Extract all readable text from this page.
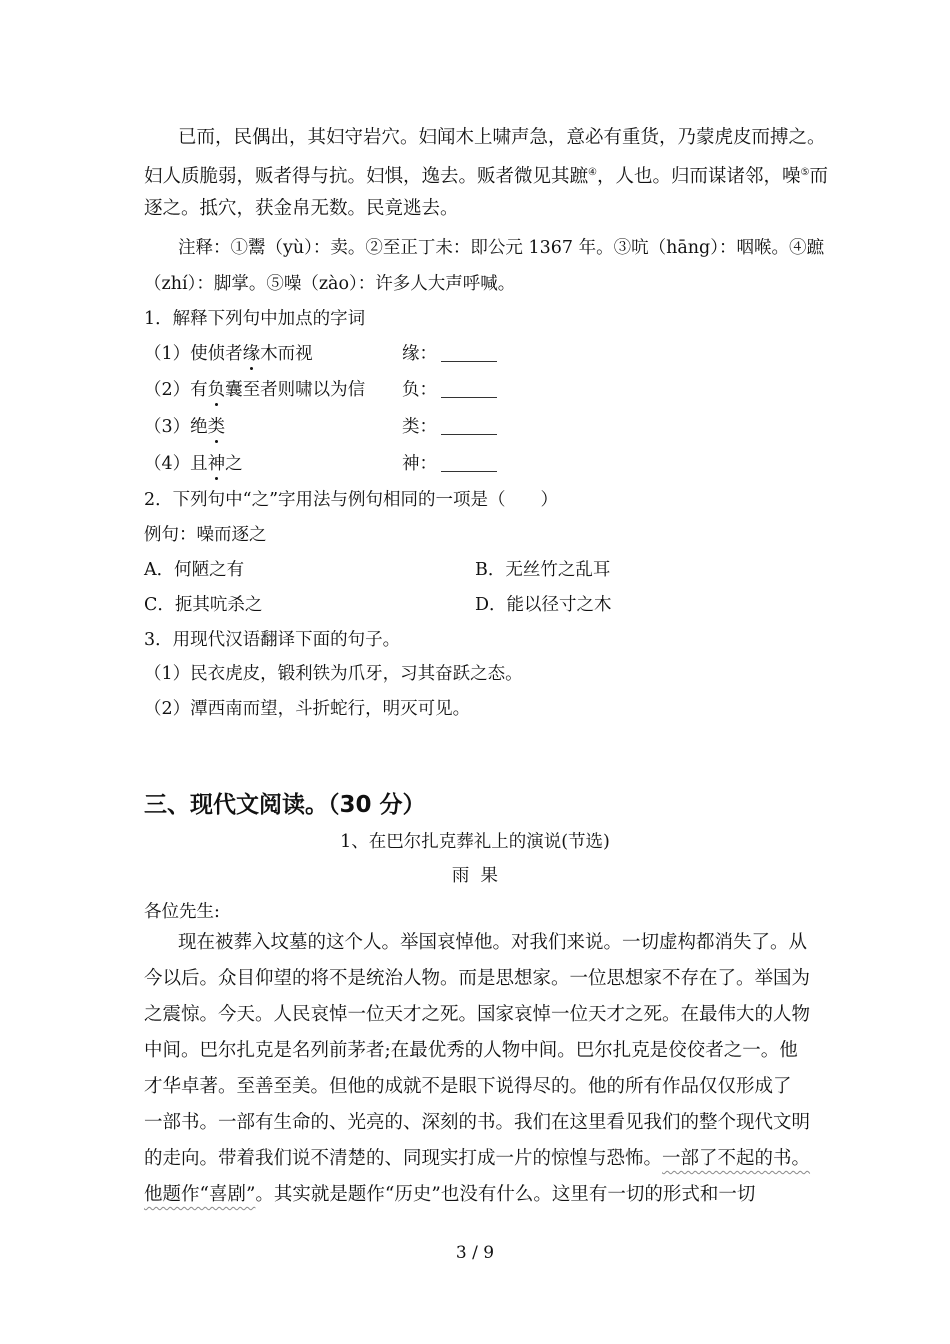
已而，民偶出，其妇守岩穴。妇闻木上啸声急，意必有重货，乃蒙虎皮而搏之。
妇人质脆弱，贩者得与抗。妇惧，逸去。贩者微见其蹠④，人也。归而谋诸邻，噪⑤而
逐之。抵穴，获金帛无数。民竟逃去。
注释：①鬻（yù）：卖。②至正丁未：即公元 1367 年。③吭（hāng）：咽喉。④蹠
（zhí）：脚掌。⑤噪（zào）：许多人大声呼喊。
1．解释下列句中加点的字词
（1）使侦者缘木而视	缘：
（2）有负囊至者则啸以为信 负：
（3）绝类	类：
（4）且神之	神：
2．下列句中“之”字用法与例句相同的一项是（　　）
例句：噪而逐之
A．何陋之有	B．无丝竹之乱耳
C．扼其吭杀之	D．能以径寸之木
3．用现代汉语翻译下面的句子。
（1）民衣虎皮，锻利铁为爪牙，习其奋跃之态。
（2）潭西南而望，斗折蛇行，明灭可见。
三、现代文阅读。（30 分）
1、在巴尔扎克葬礼上的演说(节选)
雨  果
各位先生:
现在被葬入坟墓的这个人。举国哀悼他。对我们来说。一切虚构都消失了。从
今以后。众目仰望的将不是统治人物。而是思想家。一位思想家不存在了。举国为
之震惊。今天。人民哀悼一位天才之死。国家哀悼一位天才之死。在最伟大的人物
中间。巴尔扎克是名列前茅者;在最优秀的人物中间。巴尔扎克是佼佼者之一。他
才华卓著。至善至美。但他的成就不是眼下说得尽的。他的所有作品仅仅形成了
一部书。一部有生命的、光亮的、深刻的书。我们在这里看见我们的整个现代文明
的走向。带着我们说不清楚的、同现实打成一片的惊惶与恐怖。一部了不起的书。
他题作“喜剧”。其实就是题作“历史”也没有什么。这里有一切的形式和一切
3 / 9
